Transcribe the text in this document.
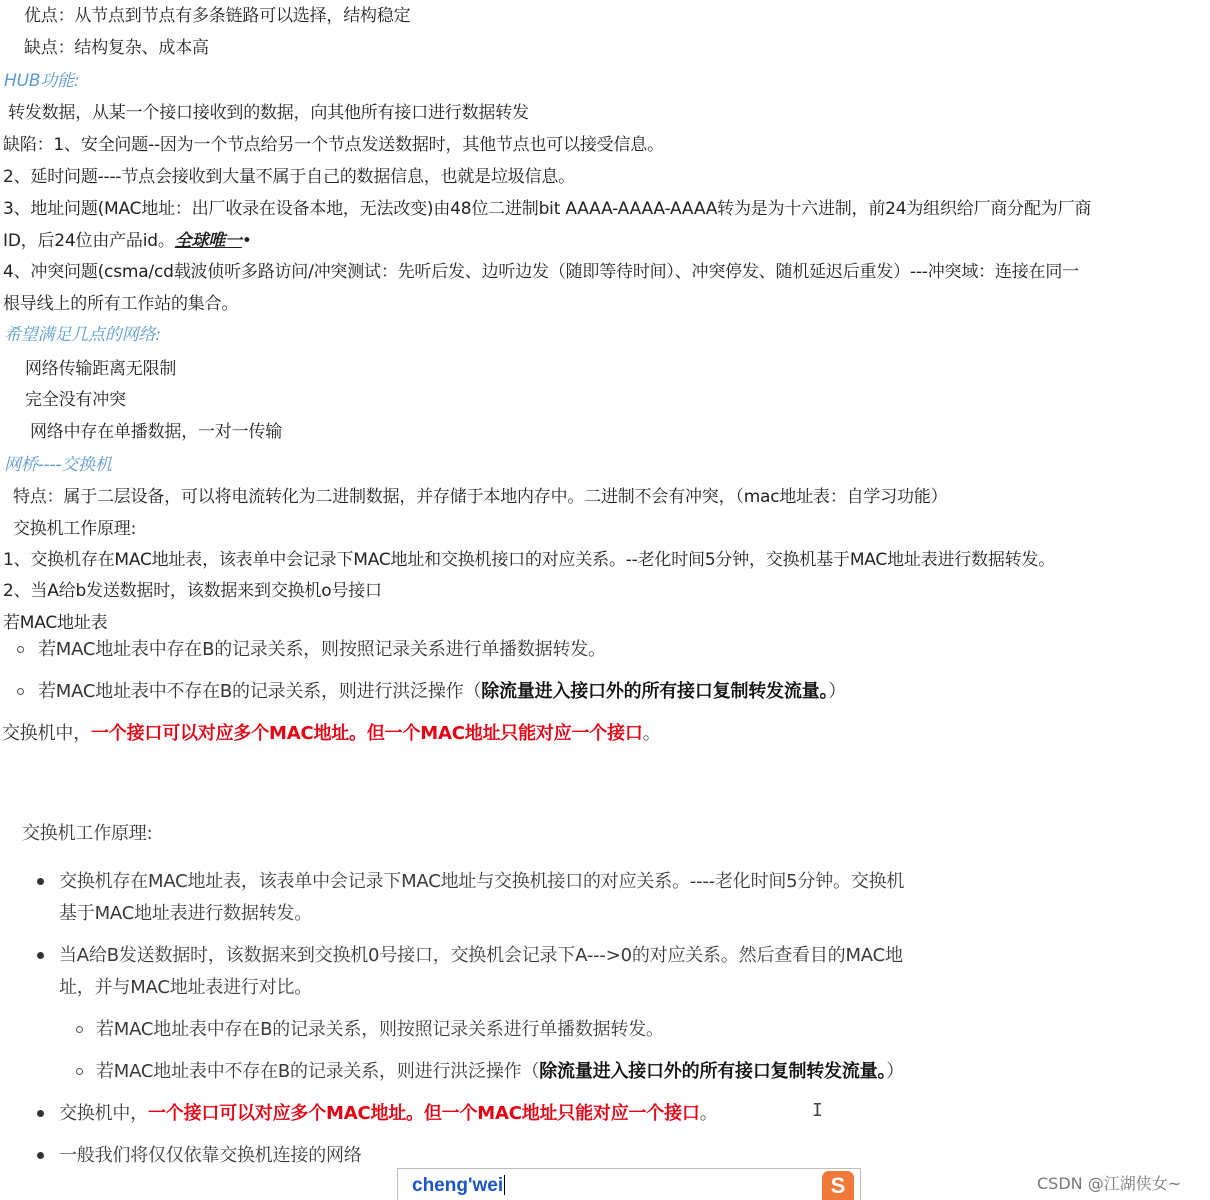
优点：从节点到节点有多条链路可以选择，结构稳定
缺点：结构复杂、成本高
HUB功能:
转发数据，从某一个接口接收到的数据，向其他所有接口进行数据转发
缺陷：1、安全问题--因为一个节点给另一个节点发送数据时，其他节点也可以接受信息。
2、延时问题----节点会接收到大量不属于自己的数据信息，也就是垃圾信息。
3、地址问题(MAC地址：出厂收录在设备本地，无法改变)由48位二进制bit AAAA-AAAA-AAAA转为是为十六进制，前24为组织给厂商分配为厂商
ID，后24位由产品id。全球唯一•
4、冲突问题(csma/cd载波侦听多路访问/冲突测试：先听后发、边听边发（随即等待时间）、冲突停发、随机延迟后重发）---冲突域：连接在同一
根导线上的所有工作站的集合。
希望满足几点的网络:
网络传输距离无限制
完全没有冲突
网络中存在单播数据，一对一传输
网桥----交换机
特点：属于二层设备，可以将电流转化为二进制数据，并存储于本地内存中。二进制不会有冲突，（mac地址表：自学习功能）
交换机工作原理:
1、交换机存在MAC地址表，该表单中会记录下MAC地址和交换机接口的对应关系。--老化时间5分钟，交换机基于MAC地址表进行数据转发。
2、当A给b发送数据时，该数据来到交换机o号接口
若MAC地址表
若MAC地址表中存在B的记录关系，则按照记录关系进行单播数据转发。
若MAC地址表中不存在B的记录关系，则进行洪泛操作（除流量进入接口外的所有接口复制转发流量。）
交换机中，一个接口可以对应多个MAC地址。但一个MAC地址只能对应一个接口。
交换机工作原理:
交换机存在MAC地址表，该表单中会记录下MAC地址与交换机接口的对应关系。----老化时间5分钟。交换机
基于MAC地址表进行数据转发。
当A给B发送数据时，该数据来到交换机0号接口，交换机会记录下A--->0的对应关系。然后查看目的MAC地
址，并与MAC地址表进行对比。
若MAC地址表中存在B的记录关系，则按照记录关系进行单播数据转发。
若MAC地址表中不存在B的记录关系，则进行洪泛操作（除流量进入接口外的所有接口复制转发流量。）
交换机中，一个接口可以对应多个MAC地址。但一个MAC地址只能对应一个接口。
一般我们将仅仅依靠交换机连接的网络
I
cheng'wei	S	CSDN @江湖侠女~
